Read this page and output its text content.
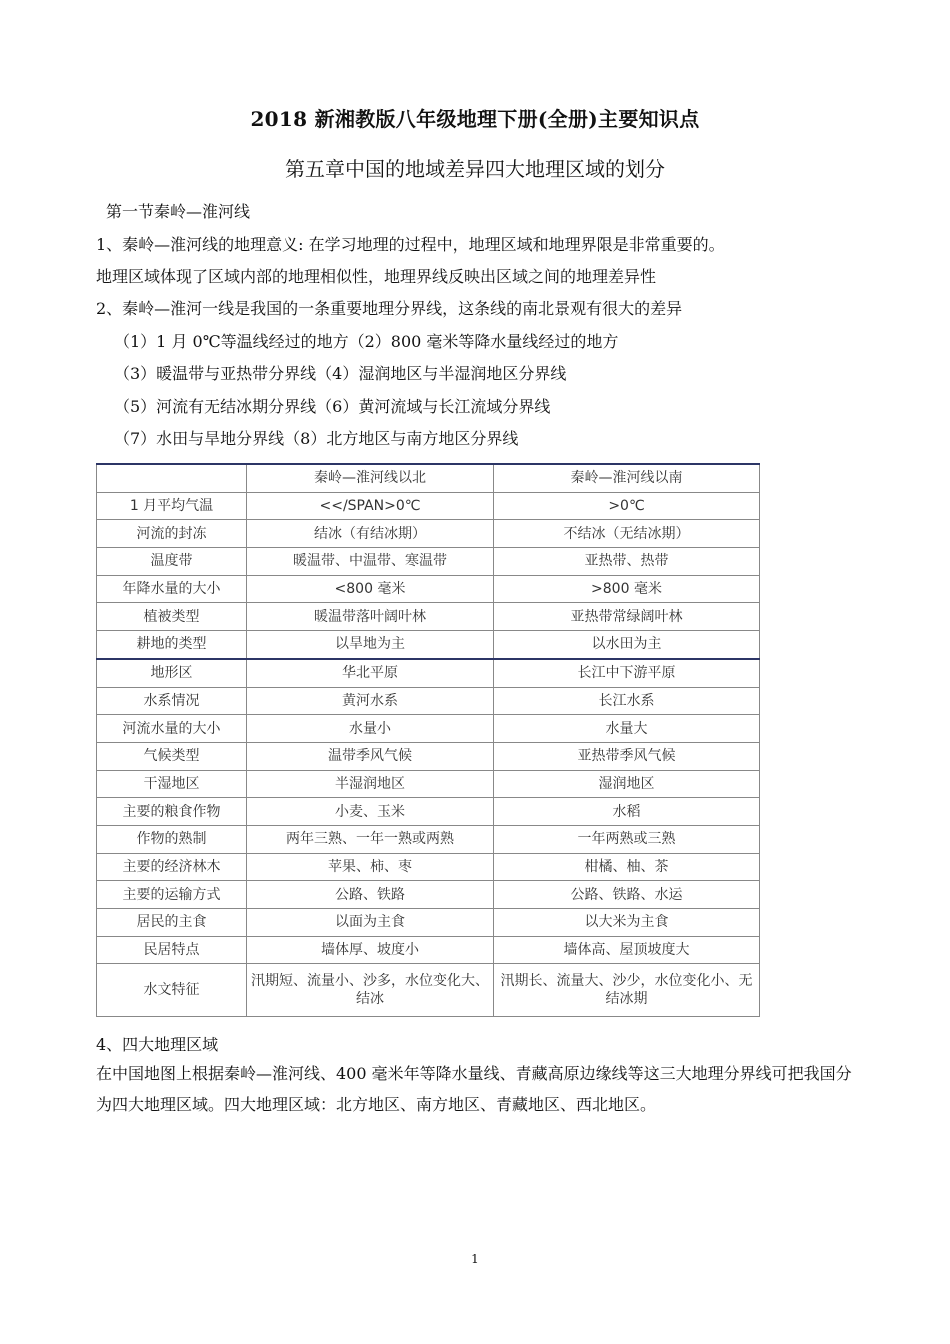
2018 新湘教版八年级地理下册(全册)主要知识点
第五章中国的地域差异四大地理区域的划分
第一节秦岭—淮河线
1、秦岭—淮河线的地理意义: 在学习地理的过程中，地理区域和地理界限是非常重要的。
地理区域体现了区域内部的地理相似性，地理界线反映出区域之间的地理差异性
2、秦岭—淮河一线是我国的一条重要地理分界线，这条线的南北景观有很大的差异
（1）1 月 0℃等温线经过的地方（2）800 毫米等降水量线经过的地方
（3）暖温带与亚热带分界线（4）湿润地区与半湿润地区分界线
（5）河流有无结冰期分界线（6）黄河流域与长江流域分界线
（7）水田与旱地分界线（8）北方地区与南方地区分界线
	秦岭—淮河线以北	秦岭—淮河线以南
1 月平均气温	<</SPAN>0℃	>0℃
河流的封冻	结冰（有结冰期）	不结冰（无结冰期）
温度带	暖温带、中温带、寒温带	亚热带、热带
年降水量的大小	<800 毫米	>800 毫米
植被类型	暖温带落叶阔叶林	亚热带常绿阔叶林
耕地的类型	以旱地为主	以水田为主
地形区	华北平原	长江中下游平原
水系情况	黄河水系	长江水系
河流水量的大小	水量小	水量大
气候类型	温带季风气候	亚热带季风气候
干湿地区	半湿润地区	湿润地区
主要的粮食作物	小麦、玉米	水稻
作物的熟制	两年三熟、一年一熟或两熟	一年两熟或三熟
主要的经济林木	苹果、柿、枣	柑橘、柚、茶
主要的运输方式	公路、铁路	公路、铁路、水运
居民的主食	以面为主食	以大米为主食
民居特点	墙体厚、坡度小	墙体高、屋顶坡度大
水文特征	汛期短、流量小、沙多，水位变化大、结冰	汛期长、流量大、沙少，水位变化小、无结冰期
4、四大地理区域
在中国地图上根据秦岭—淮河线、400 毫米年等降水量线、青藏高原边缘线等这三大地理分界线可把我国分为四大地理区域。四大地理区域：北方地区、南方地区、青藏地区、西北地区。
1
